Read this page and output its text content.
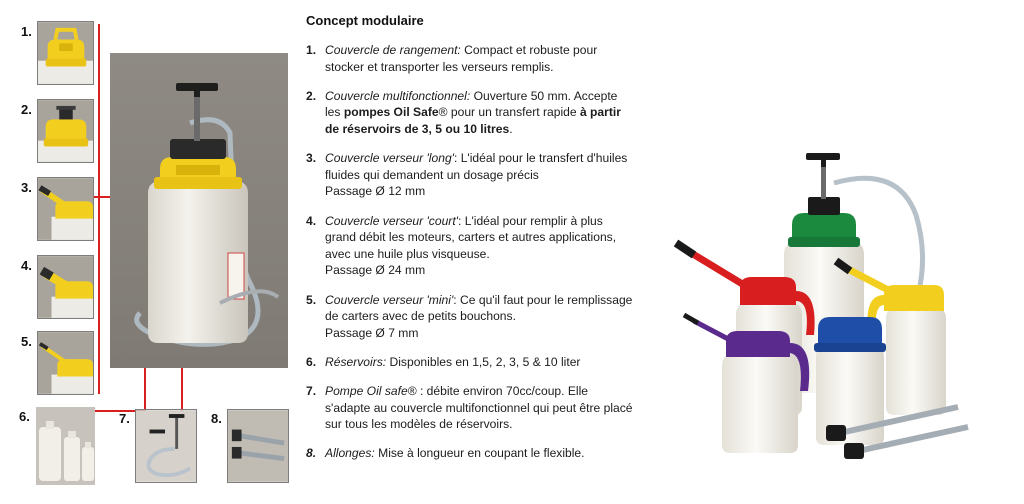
1.
2.
3.
4.
5.
6.	7.	8.
Concept modulaire
1. Couvercle de rangement: Compact et robuste pour stocker et transporter les verseurs remplis.
2. Couvercle multifonctionnel: Ouverture 50 mm. Accepte les pompes Oil Safe® pour un transfert rapide à partir de réservoirs de 3, 5 ou 10 litres.
3. Couvercle verseur 'long': L'idéal pour le transfert d'huiles fluides qui demandent un dosage précis
Passage Ø 12 mm
4. Couvercle verseur 'court': L'idéal pour remplir à plus grand débit les moteurs, carters et autres applications, avec une huile plus visqueuse.
Passage Ø 24 mm
5. Couvercle verseur 'mini': Ce qu'il faut pour le remplissage de carters avec de petits bouchons.
Passage Ø 7 mm
6. Réservoirs: Disponibles en 1,5, 2, 3, 5 & 10 liter
7. Pompe Oil safe® : débite environ 70cc/coup. Elle s'adapte au couvercle multifonctionnel qui peut être placé sur tous les modèles de réservoirs.
8. Allonges: Mise à longueur en coupant le flexible.
